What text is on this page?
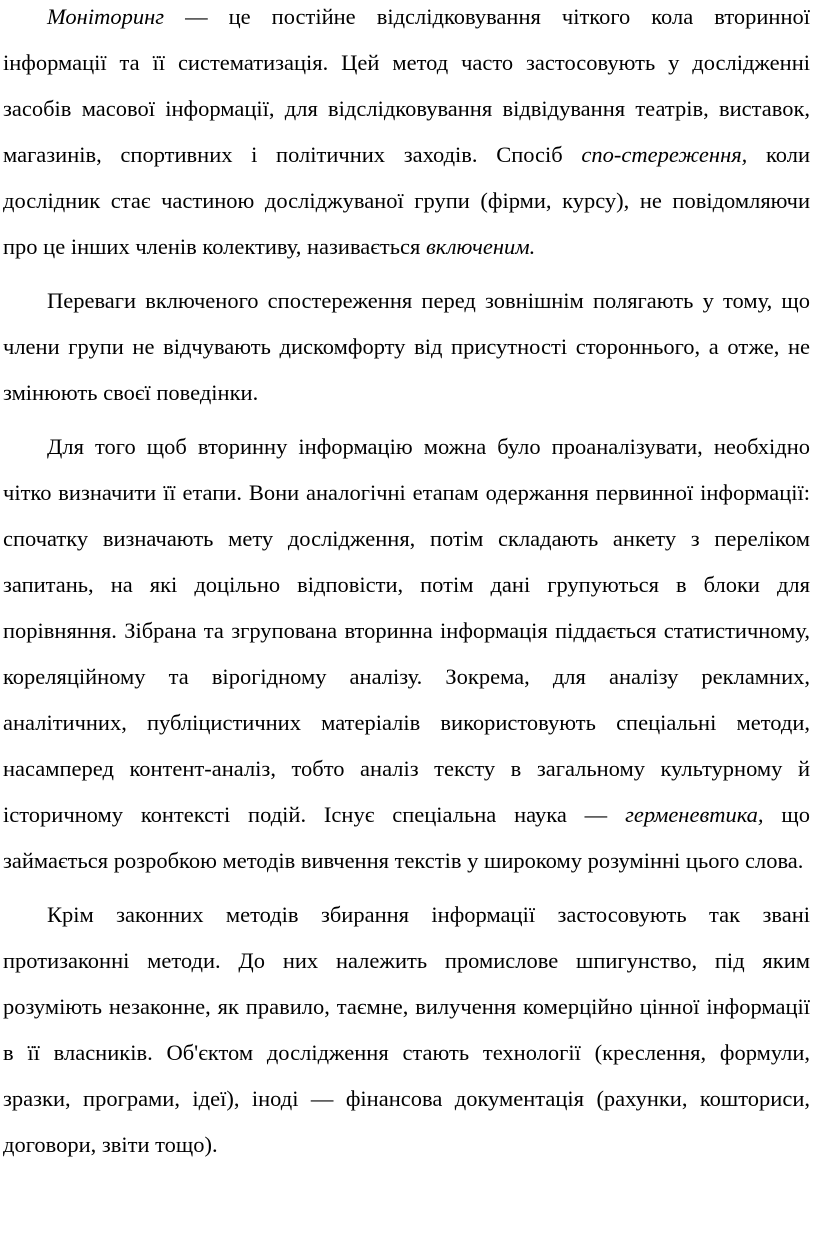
Моніторинг — це постійне відслідковування чіткого кола вторинної інформації та її систематизація. Цей метод часто застосовують у дослідженні засобів масової інформації, для відслідковування відвідування театрів, виставок, магазинів, спортивних і політичних заходів. Спосіб спо-стереження, коли дослідник стає частиною досліджуваної групи (фірми, курсу), не повідомляючи про це інших членів колективу, називається включеним.

Переваги включеного спостереження перед зовнішнім полягають у тому, що члени групи не відчувають дискомфорту від присутності стороннього, а отже, не змінюють своєї поведінки.

Для того щоб вторинну інформацію можна було проаналізувати, необхідно чітко визначити її етапи. Вони аналогічні етапам одержання первинної інформації: спочатку визначають мету дослідження, потім складають анкету з переліком запитань, на які доцільно відповісти, потім дані групуються в блоки для порівняння. Зібрана та згрупована вторинна інформація піддається статистичному, кореляційному та вірогідному аналізу. Зокрема, для аналізу рекламних, аналітичних, публіцистичних матеріалів використовують спеціальні методи, насамперед контент-аналіз, тобто аналіз тексту в загальному культурному й історичному контексті подій. Існує спеціальна наука — герменевтика, що займається розробкою методів вивчення текстів у широкому розумінні цього слова.

Крім законних методів збирання інформації застосовують так звані протизаконні методи. До них належить промислове шпигунство, під яким розуміють незаконне, як правило, таємне, вилучення комерційно цінної інформації в її власників. Об'єктом дослідження стають технології (креслення, формули, зразки, програми, ідеї), іноді — фінансова документація (рахунки, кошториси, договори, звіти тощо).
